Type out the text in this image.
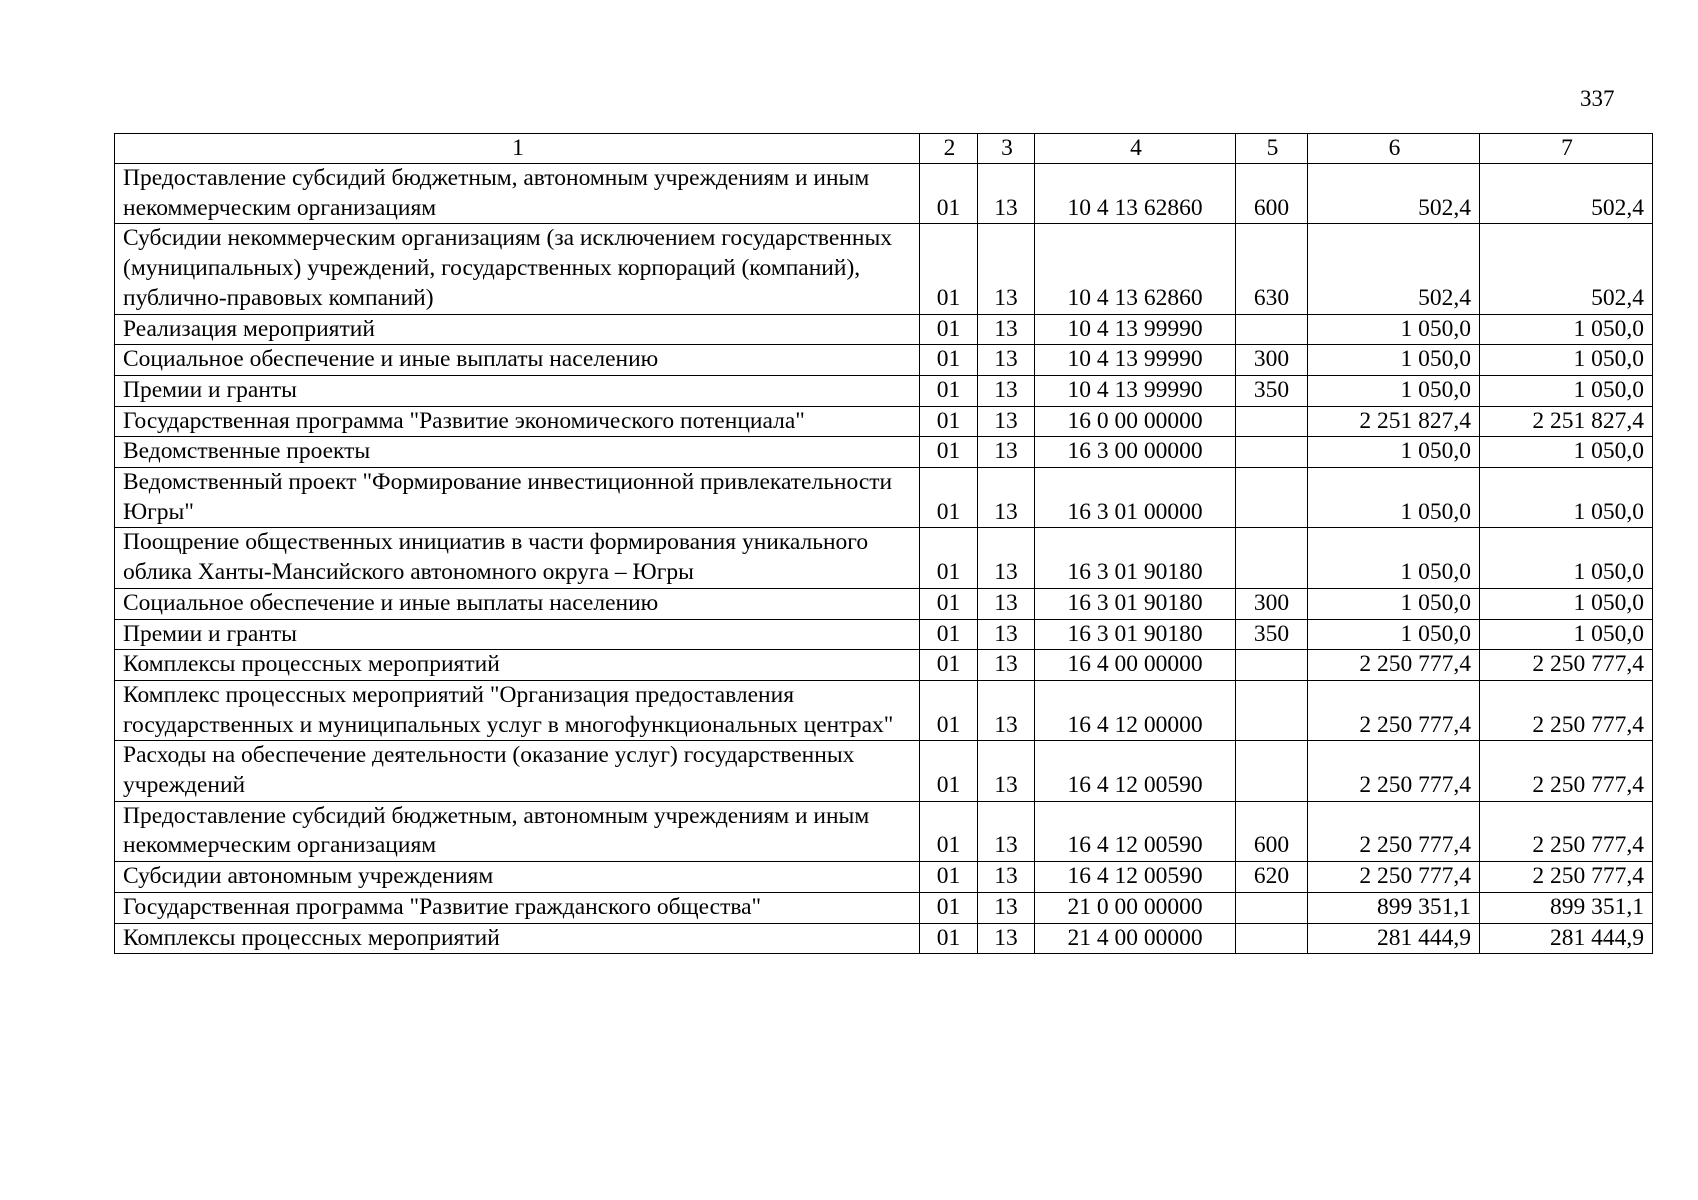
337
1	2	3	4	5	6	7
Предоставление субсидий бюджетным, автономным учреждениям и иным некоммерческим организациям	01	13	10 4 13 62860	600	502,4	502,4
Субсидии некоммерческим организациям (за исключением государственных (муниципальных) учреждений, государственных корпораций (компаний), публично-правовых компаний)	01	13	10 4 13 62860	630	502,4	502,4
Реализация мероприятий	01	13	10 4 13 99990		1 050,0	1 050,0
Социальное обеспечение и иные выплаты населению	01	13	10 4 13 99990	300	1 050,0	1 050,0
Премии и гранты	01	13	10 4 13 99990	350	1 050,0	1 050,0
Государственная программа "Развитие экономического потенциала"	01	13	16 0 00 00000		2 251 827,4	2 251 827,4
Ведомственные проекты	01	13	16 3 00 00000		1 050,0	1 050,0
Ведомственный проект "Формирование инвестиционной привлекательности Югры"	01	13	16 3 01 00000		1 050,0	1 050,0
Поощрение общественных инициатив в части формирования уникального облика Ханты-Мансийского автономного округа – Югры	01	13	16 3 01 90180		1 050,0	1 050,0
Социальное обеспечение и иные выплаты населению	01	13	16 3 01 90180	300	1 050,0	1 050,0
Премии и гранты	01	13	16 3 01 90180	350	1 050,0	1 050,0
Комплексы процессных мероприятий	01	13	16 4 00 00000		2 250 777,4	2 250 777,4
Комплекс процессных мероприятий "Организация предоставления государственных и муниципальных услуг в многофункциональных центрах"	01	13	16 4 12 00000		2 250 777,4	2 250 777,4
Расходы на обеспечение деятельности (оказание услуг) государственных учреждений	01	13	16 4 12 00590		2 250 777,4	2 250 777,4
Предоставление субсидий бюджетным, автономным учреждениям и иным некоммерческим организациям	01	13	16 4 12 00590	600	2 250 777,4	2 250 777,4
Субсидии автономным учреждениям	01	13	16 4 12 00590	620	2 250 777,4	2 250 777,4
Государственная программа "Развитие гражданского общества"	01	13	21 0 00 00000		899 351,1	899 351,1
Комплексы процессных мероприятий	01	13	21 4 00 00000		281 444,9	281 444,9
